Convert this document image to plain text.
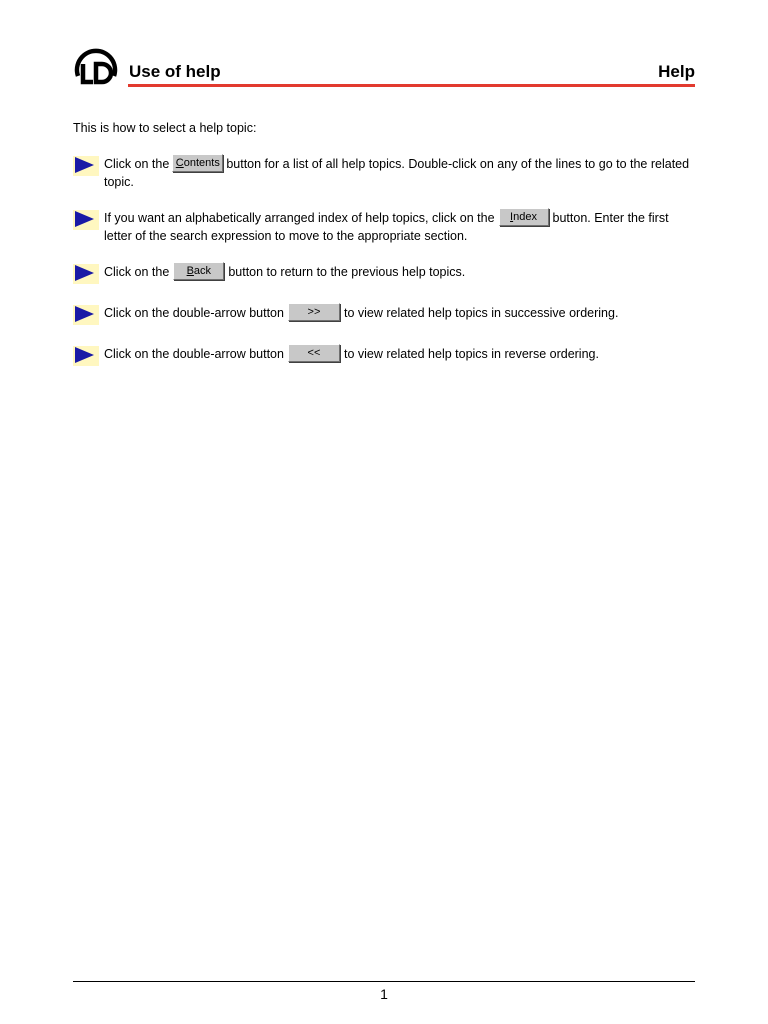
Use of help	Help
This is how to select a help topic:
Click on the Contents button for a list of all help topics. Double-click on any of the lines to go to the related topic.
If you want an alphabetically arranged index of help topics, click on the Index button. Enter the first letter of the search expression to move to the appropriate section.
Click on the Back button to return to the previous help topics.
Click on the double-arrow button >> to view related help topics in successive ordering.
Click on the double-arrow button << to view related help topics in reverse ordering.
1
